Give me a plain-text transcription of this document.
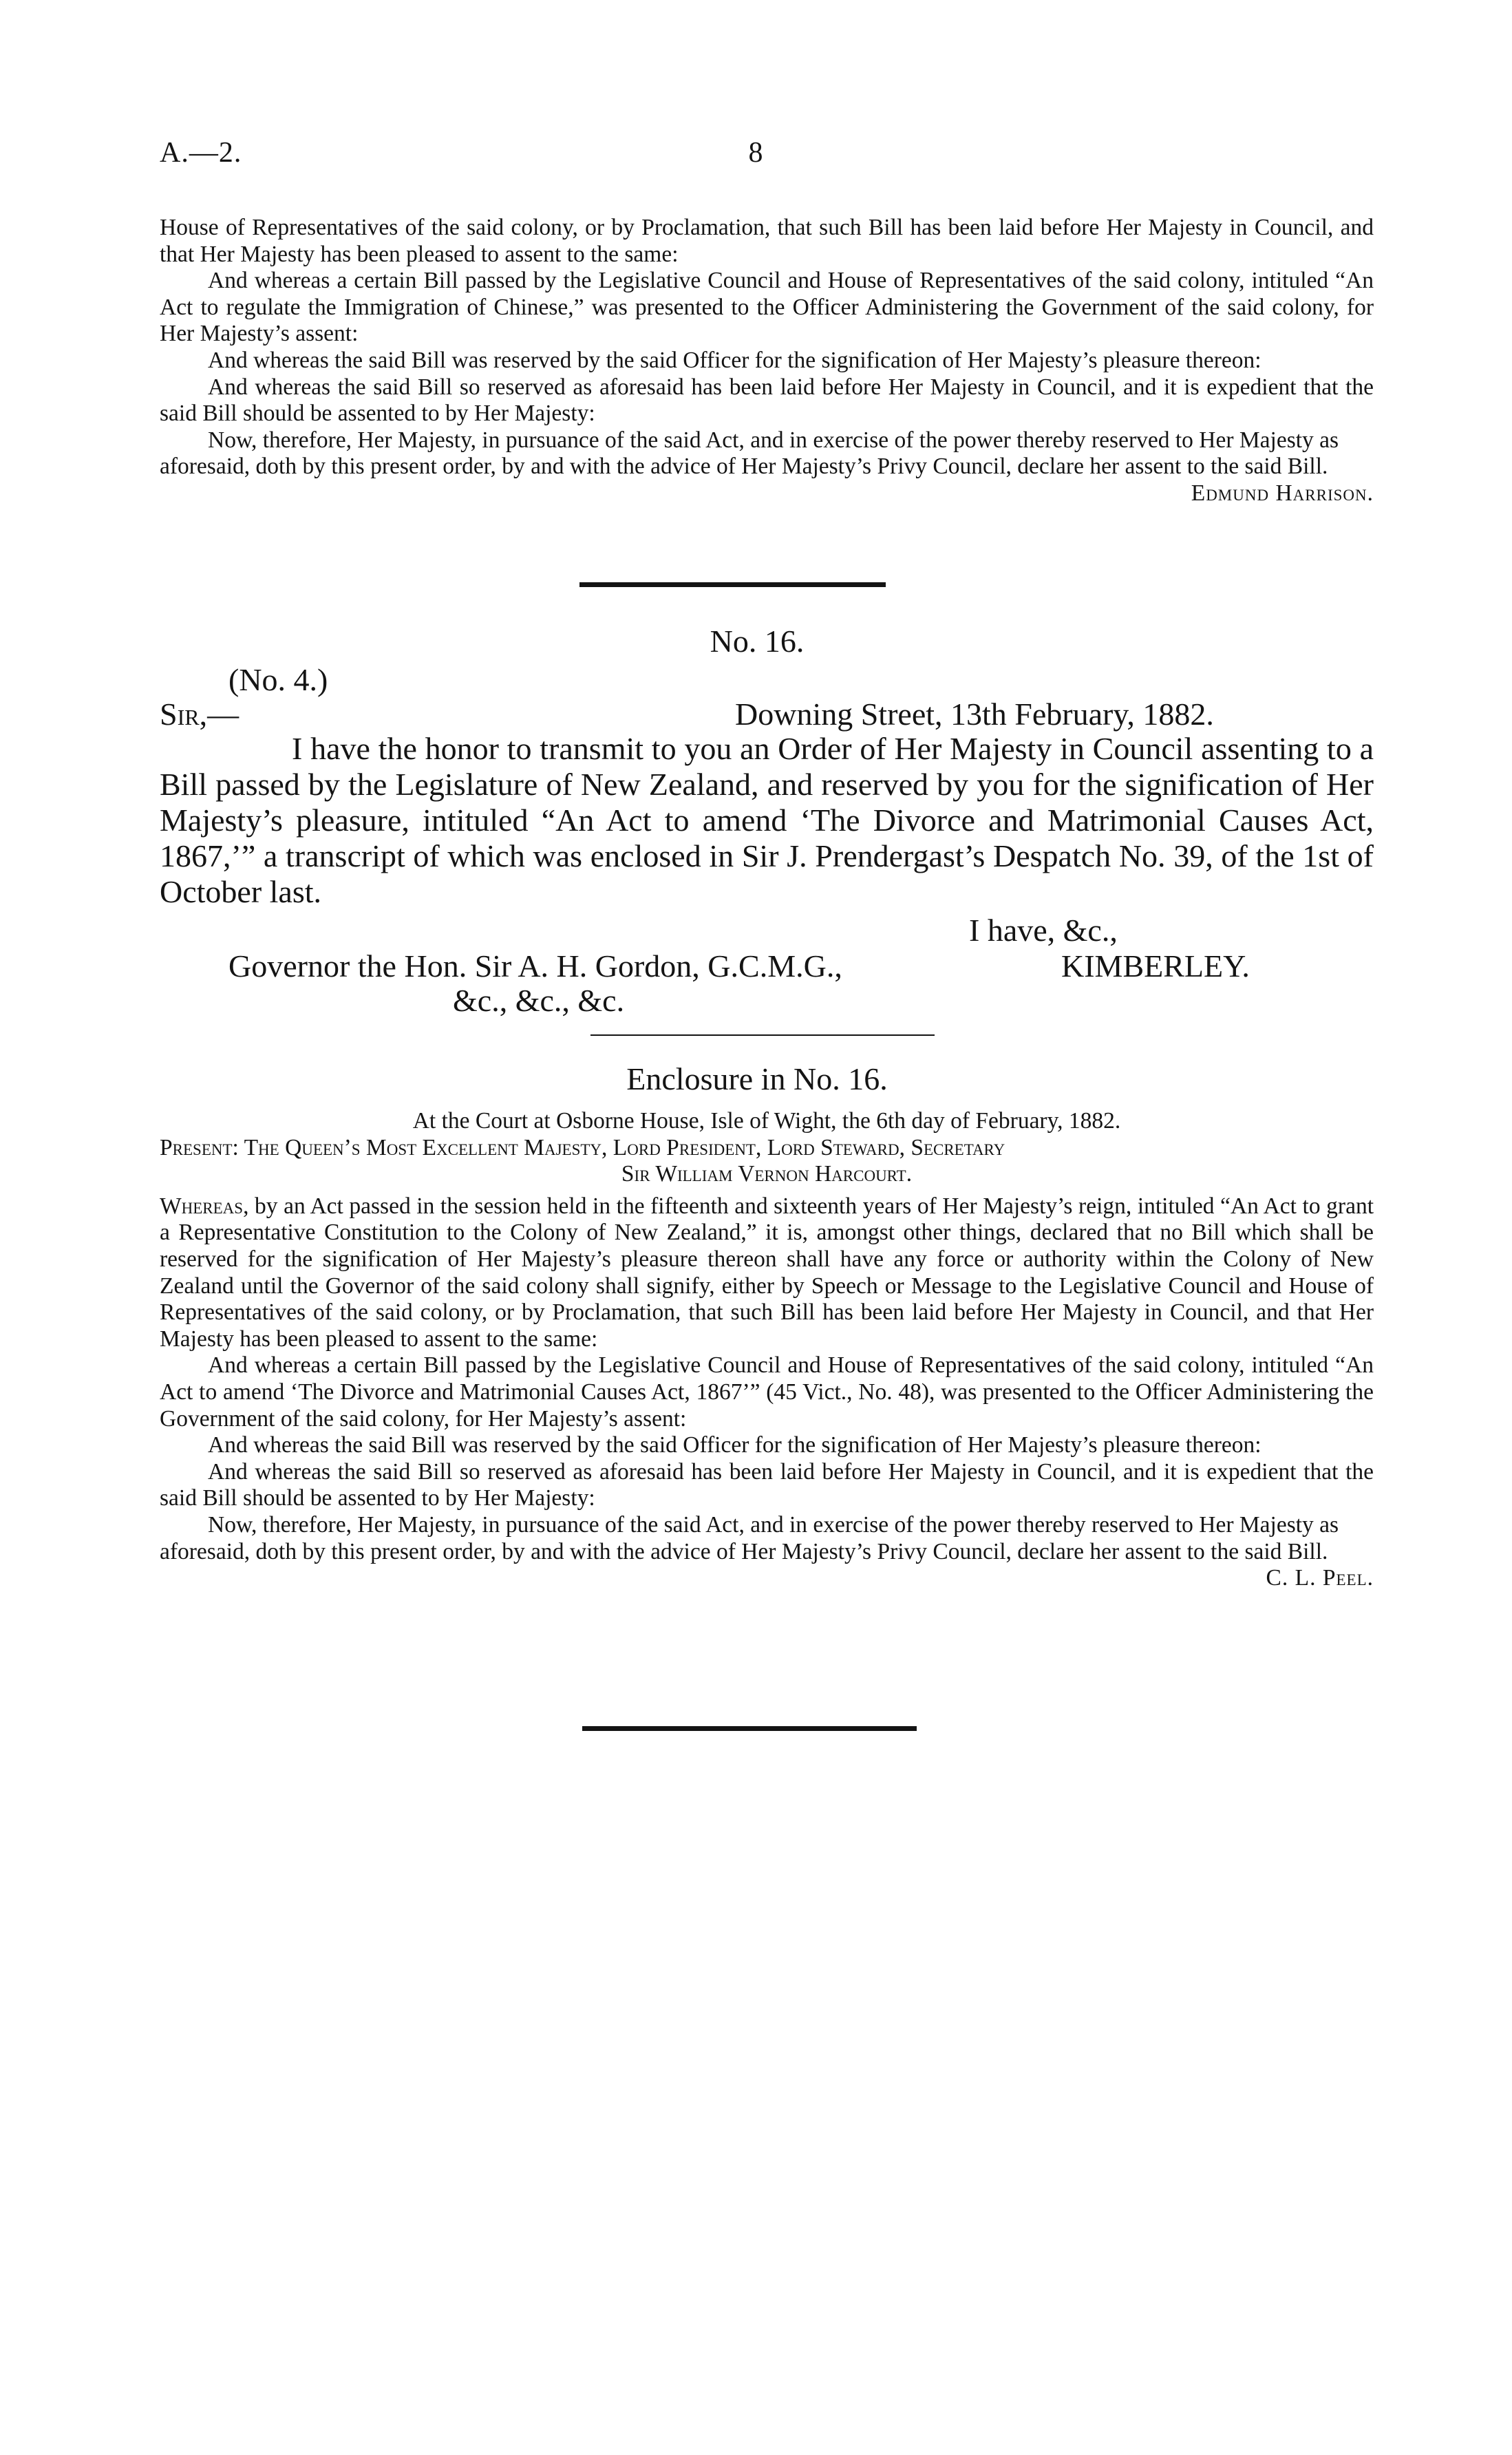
A.—2.	8

House of Representatives of the said colony, or by Proclamation, that such Bill has been laid before Her Majesty in Council, and that Her Majesty has been pleased to assent to the same:

And whereas a certain Bill passed by the Legislative Council and House of Representatives of the said colony, intituled “An Act to regulate the Immigration of Chinese,” was presented to the Officer Administering the Government of the said colony, for Her Majesty’s assent:

And whereas the said Bill was reserved by the said Officer for the signification of Her Majesty’s pleasure thereon:

And whereas the said Bill so reserved as aforesaid has been laid before Her Majesty in Council, and it is expedient that the said Bill should be assented to by Her Majesty:

Now, therefore, Her Majesty, in pursuance of the said Act, and in exercise of the power thereby reserved to Her Majesty as aforesaid, doth by this present order, by and with the advice of Her Majesty’s Privy Council, declare her assent to the said Bill.
Edmund Harrison.

No. 16.
(No. 4.)
Sir,—	Downing Street, 13th February, 1882.

I have the honor to transmit to you an Order of Her Majesty in Council assenting to a Bill passed by the Legislature of New Zealand, and reserved by you for the signification of Her Majesty’s pleasure, intituled “An Act to amend ‘The Divorce and Matrimonial Causes Act, 1867,’” a transcript of which was enclosed in Sir J. Prendergast’s Despatch No. 39, of the 1st of October last.

I have, &c.,
Governor the Hon. Sir A. H. Gordon, G.C.M.G.,	KIMBERLEY.
&c., &c., &c.
Enclosure in No. 16.
At the Court at Osborne House, Isle of Wight, the 6th day of February, 1882.

Present: The Queen’s Most Excellent Majesty, Lord President, Lord Steward, Secretary

Sir William Vernon Harcourt.

Whereas, by an Act passed in the session held in the fifteenth and sixteenth years of Her Majesty’s reign, intituled “An Act to grant a Representative Constitution to the Colony of New Zealand,” it is, amongst other things, declared that no Bill which shall be reserved for the signification of Her Majesty’s pleasure thereon shall have any force or authority within the Colony of New Zealand until the Governor of the said colony shall signify, either by Speech or Message to the Legislative Council and House of Representatives of the said colony, or by Proclamation, that such Bill has been laid before Her Majesty in Council, and that Her Majesty has been pleased to assent to the same:

And whereas a certain Bill passed by the Legislative Council and House of Representatives of the said colony, intituled “An Act to amend ‘The Divorce and Matrimonial Causes Act, 1867’” (45 Vict., No. 48), was presented to the Officer Administering the Government of the said colony, for Her Majesty’s assent:

And whereas the said Bill was reserved by the said Officer for the signification of Her Majesty’s pleasure thereon:

And whereas the said Bill so reserved as aforesaid has been laid before Her Majesty in Council, and it is expedient that the said Bill should be assented to by Her Majesty:

Now, therefore, Her Majesty, in pursuance of the said Act, and in exercise of the power thereby reserved to Her Majesty as aforesaid, doth by this present order, by and with the advice of Her Majesty’s Privy Council, declare her assent to the said Bill.
C. L. Peel.
